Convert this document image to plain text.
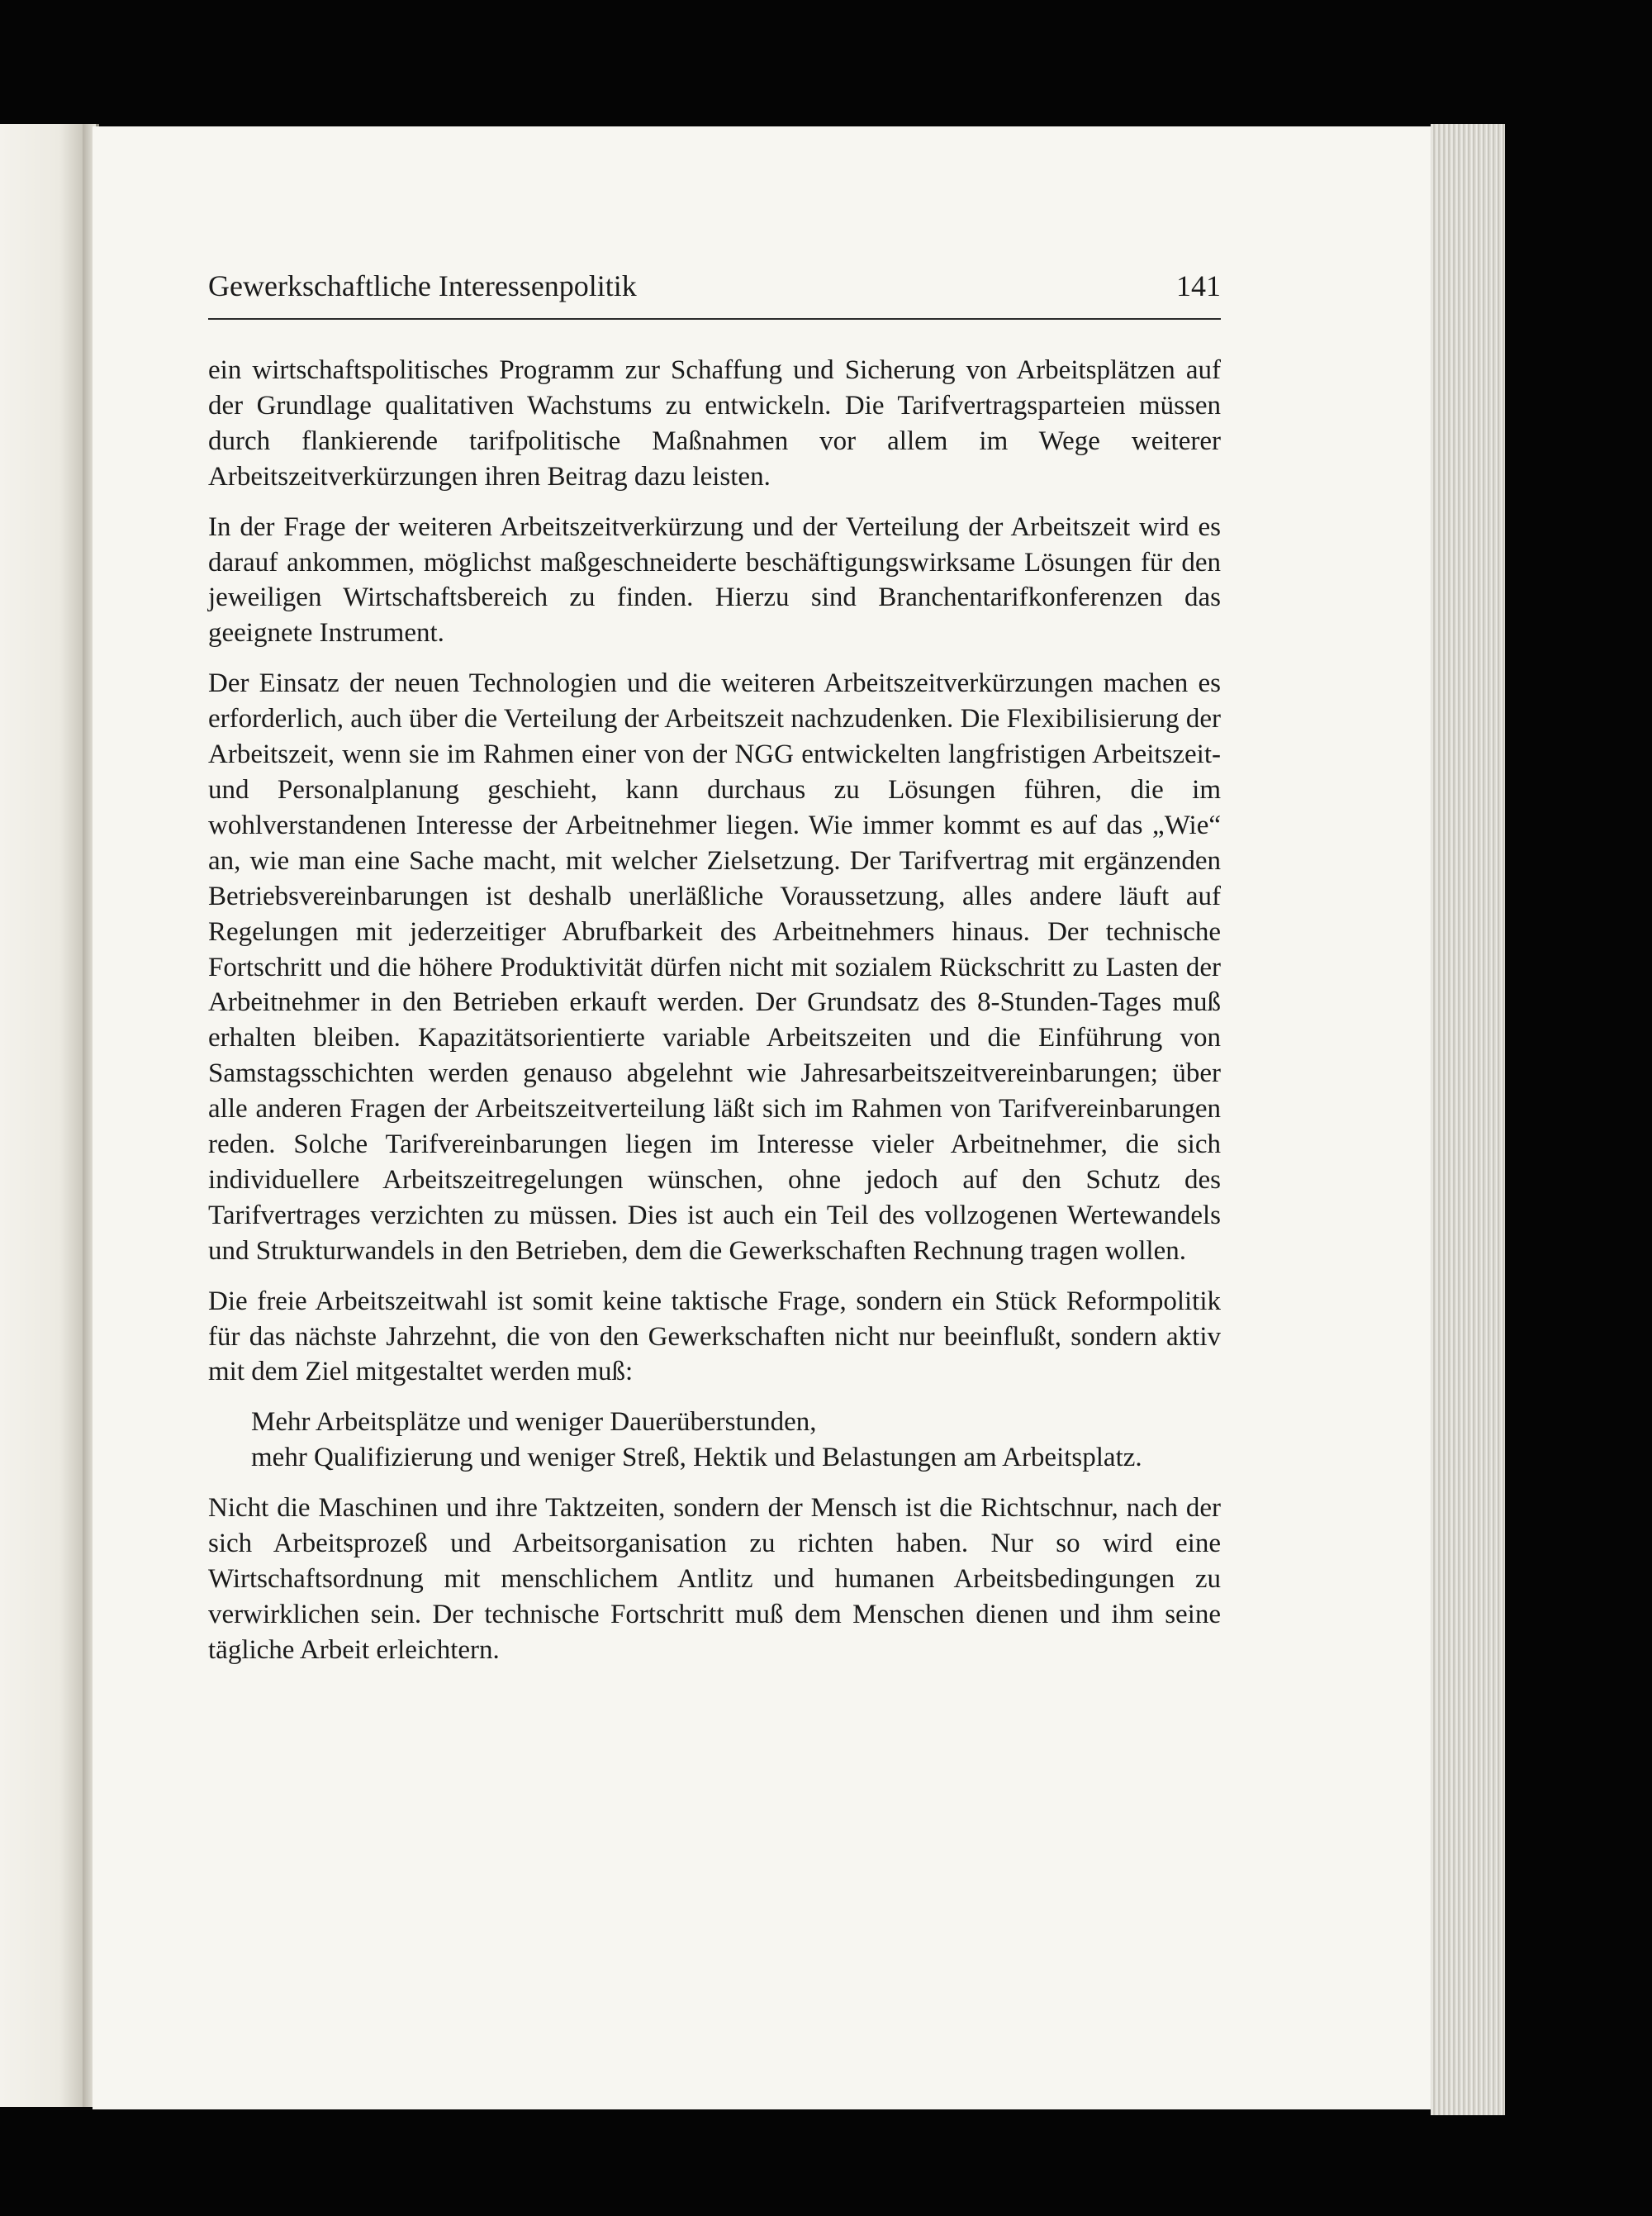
Gewerkschaftliche Interessenpolitik	141

ein wirtschaftspolitisches Programm zur Schaffung und Sicherung von Arbeitsplätzen auf der Grundlage qualitativen Wachstums zu entwickeln. Die Tarifvertragsparteien müssen durch flankierende tarifpolitische Maßnahmen vor allem im Wege weiterer Arbeitszeitverkürzungen ihren Beitrag dazu leisten.

In der Frage der weiteren Arbeitszeitverkürzung und der Verteilung der Arbeitszeit wird es darauf ankommen, möglichst maßgeschneiderte beschäftigungswirksame Lösungen für den jeweiligen Wirtschaftsbereich zu finden. Hierzu sind Branchentarifkonferenzen das geeignete Instrument.

Der Einsatz der neuen Technologien und die weiteren Arbeitszeitverkürzungen machen es erforderlich, auch über die Verteilung der Arbeitszeit nachzudenken. Die Flexibilisierung der Arbeitszeit, wenn sie im Rahmen einer von der NGG entwickelten langfristigen Arbeitszeit- und Personalplanung geschieht, kann durchaus zu Lösungen führen, die im wohlverstandenen Interesse der Arbeitnehmer liegen. Wie immer kommt es auf das „Wie“ an, wie man eine Sache macht, mit welcher Zielsetzung. Der Tarifvertrag mit ergänzenden Betriebsvereinbarungen ist deshalb unerläßliche Voraussetzung, alles andere läuft auf Regelungen mit jederzeitiger Abrufbarkeit des Arbeitnehmers hinaus. Der technische Fortschritt und die höhere Produktivität dürfen nicht mit sozialem Rückschritt zu Lasten der Arbeitnehmer in den Betrieben erkauft werden. Der Grundsatz des 8-Stunden-Tages muß erhalten bleiben. Kapazitätsorientierte variable Arbeitszeiten und die Einführung von Samstagsschichten werden genauso abgelehnt wie Jahresarbeitszeitvereinbarungen; über alle anderen Fragen der Arbeitszeitverteilung läßt sich im Rahmen von Tarifvereinbarungen reden. Solche Tarifvereinbarungen liegen im Interesse vieler Arbeitnehmer, die sich individuellere Arbeitszeitregelungen wünschen, ohne jedoch auf den Schutz des Tarifvertrages verzichten zu müssen. Dies ist auch ein Teil des vollzogenen Wertewandels und Strukturwandels in den Betrieben, dem die Gewerkschaften Rechnung tragen wollen.

Die freie Arbeitszeitwahl ist somit keine taktische Frage, sondern ein Stück Reformpolitik für das nächste Jahrzehnt, die von den Gewerkschaften nicht nur beeinflußt, sondern aktiv mit dem Ziel mitgestaltet werden muß:

Mehr Arbeitsplätze und weniger Dauerüberstunden,
mehr Qualifizierung und weniger Streß, Hektik und Belastungen am Arbeitsplatz.

Nicht die Maschinen und ihre Taktzeiten, sondern der Mensch ist die Richtschnur, nach der sich Arbeitsprozeß und Arbeitsorganisation zu richten haben. Nur so wird eine Wirtschaftsordnung mit menschlichem Antlitz und humanen Arbeitsbedingungen zu verwirklichen sein. Der technische Fortschritt muß dem Menschen dienen und ihm seine tägliche Arbeit erleichtern.
